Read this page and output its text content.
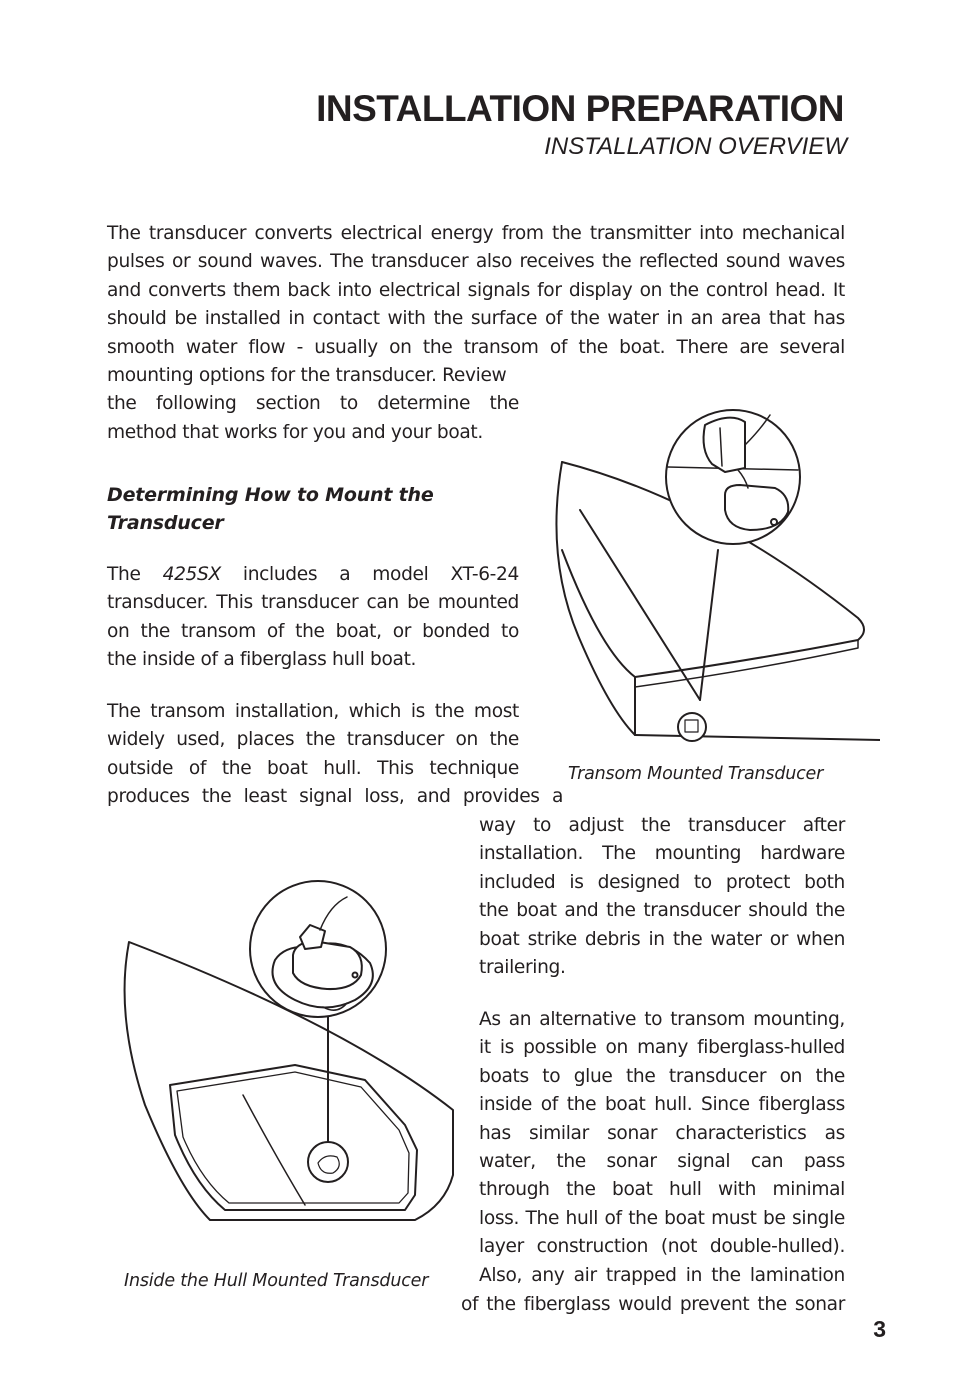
INSTALLATION PREPARATION
INSTALLATION OVERVIEW
The transducer converts electrical energy from the transmitter into mechanical
pulses or sound waves. The transducer also receives the reflected sound waves
and converts them back into electrical signals for display on the control head. It
should be installed in contact with the surface of the water in an area that has
smooth water flow - usually on the transom of the boat. There are several
mounting options for the transducer. Review
the following section to determine the
method that works for you and your boat.
Determining How to Mount the
Transducer
The 425SX includes a model XT-6-24
transducer. This transducer can be mounted
on the transom of the boat, or bonded to
the inside of a fiberglass hull boat.
The transom installation, which is the most
widely used, places the transducer on the
outside of the boat hull. This technique
produces the least signal loss, and provides a
way to adjust the transducer after
installation. The mounting hardware
included is designed to protect both
the boat and the transducer should the
boat strike debris in the water or when
trailering.
As an alternative to transom mounting,
it is possible on many fiberglass-hulled
boats to glue the transducer on the
inside of the boat hull. Since fiberglass
has similar sonar characteristics as
water, the sonar signal can pass
through the boat hull with minimal
loss. The hull of the boat must be single
layer construction (not double-hulled).
Also, any air trapped in the lamination
of the fiberglass would prevent the sonar
Transom Mounted Transducer
Inside the Hull Mounted Transducer
3
